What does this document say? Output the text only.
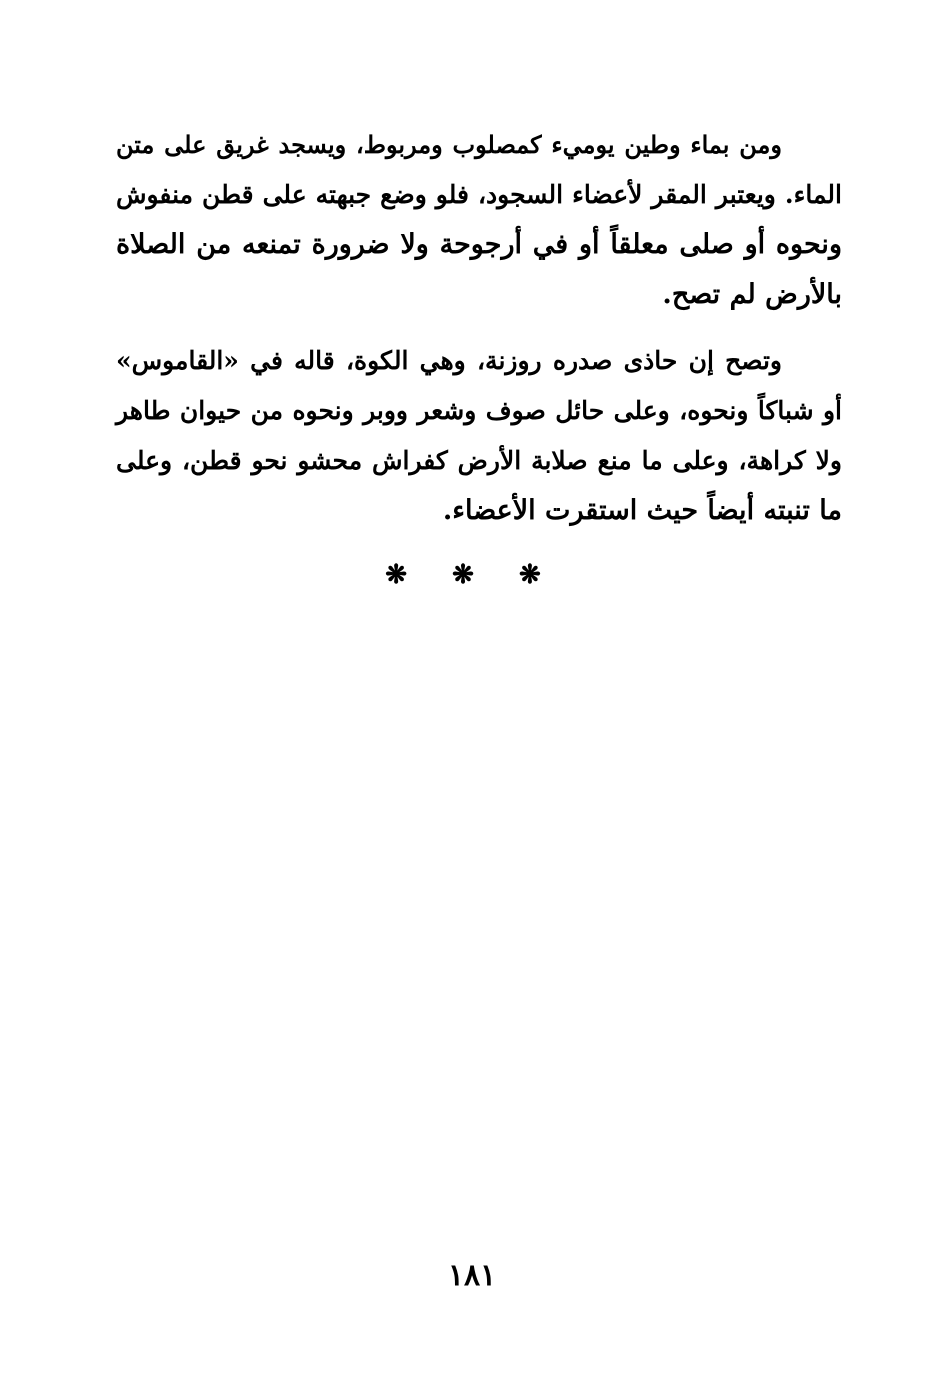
ومن بماء وطين يوميء كمصلوب ومربوط، ويسجد غريق على متن
الماء. ويعتبر المقر لأعضاء السجود، فلو وضع جبهته على قطن منفوش
ونحوه أو صلى معلقاً أو في أرجوحة ولا ضرورة تمنعه من الصلاة
بالأرض لم تصح.
وتصح إن حاذى صدره روزنة، وهي الكوة، قاله في «القاموس»
أو شباكاً ونحوه، وعلى حائل صوف وشعر ووبر ونحوه من حيوان طاهر
ولا كراهة، وعلى ما منع صلابة الأرض كفراش محشو نحو قطن، وعلى
ما تنبته أيضاً حيث استقرت الأعضاء.
❋ ❋ ❋
١٨١
